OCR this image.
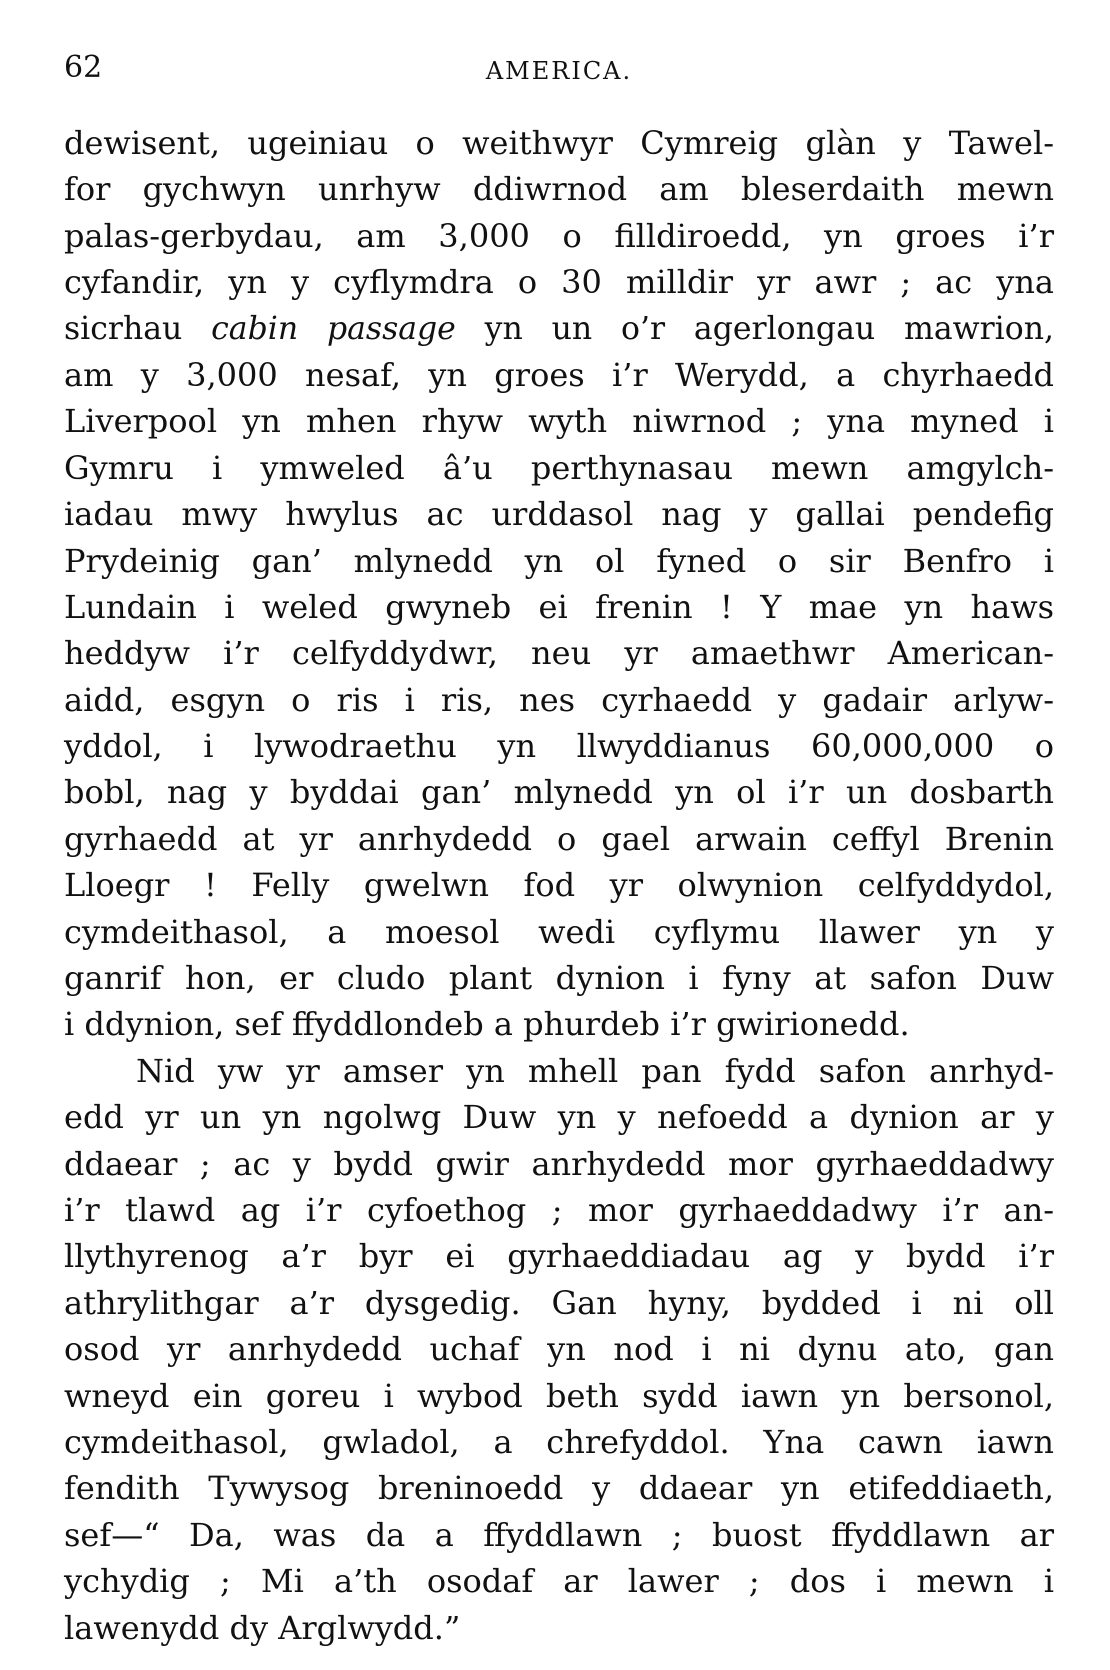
62	AMERICA.
dewisent, ugeiniau o weithwyr Cymreig glàn y Tawel-
for gychwyn unrhyw ddiwrnod am bleserdaith mewn
palas-gerbydau, am 3,000 o filldiroedd, yn groes i’r
cyfandir, yn y cyflymdra o 30 milldir yr awr ; ac yna
sicrhau cabin passage yn un o’r agerlongau mawrion,
am y 3,000 nesaf, yn groes i’r Werydd, a chyrhaedd
Liverpool yn mhen rhyw wyth niwrnod ; yna myned i
Gymru i ymweled â’u perthynasau mewn amgylch-
iadau mwy hwylus ac urddasol nag y gallai pendefig
Prydeinig gan’ mlynedd yn ol fyned o sir Benfro i
Lundain i weled gwyneb ei frenin ! Y mae yn haws
heddyw i’r celfyddydwr, neu yr amaethwr American-
aidd, esgyn o ris i ris, nes cyrhaedd y gadair arlyw-
yddol, i lywodraethu yn llwyddianus 60,000,000 o
bobl, nag y byddai gan’ mlynedd yn ol i’r un dosbarth
gyrhaedd at yr anrhydedd o gael arwain ceffyl Brenin
Lloegr ! Felly gwelwn fod yr olwynion celfyddydol,
cymdeithasol, a moesol wedi cyflymu llawer yn y
ganrif hon, er cludo plant dynion i fyny at safon Duw
i ddynion, sef ffyddlondeb a phurdeb i’r gwirionedd.
Nid yw yr amser yn mhell pan fydd safon anrhyd-
edd yr un yn ngolwg Duw yn y nefoedd a dynion ar y
ddaear ; ac y bydd gwir anrhydedd mor gyrhaeddadwy
i’r tlawd ag i’r cyfoethog ; mor gyrhaeddadwy i’r an-
llythyrenog a’r byr ei gyrhaeddiadau ag y bydd i’r
athrylithgar a’r dysgedig. Gan hyny, bydded i ni oll
osod yr anrhydedd uchaf yn nod i ni dynu ato, gan
wneyd ein goreu i wybod beth sydd iawn yn bersonol,
cymdeithasol, gwladol, a chrefyddol. Yna cawn iawn
fendith Tywysog breninoedd y ddaear yn etifeddiaeth,
sef—“ Da, was da a ffyddlawn ; buost ffyddlawn ar
ychydig ; Mi a’th osodaf ar lawer ; dos i mewn i
lawenydd dy Arglwydd.”
